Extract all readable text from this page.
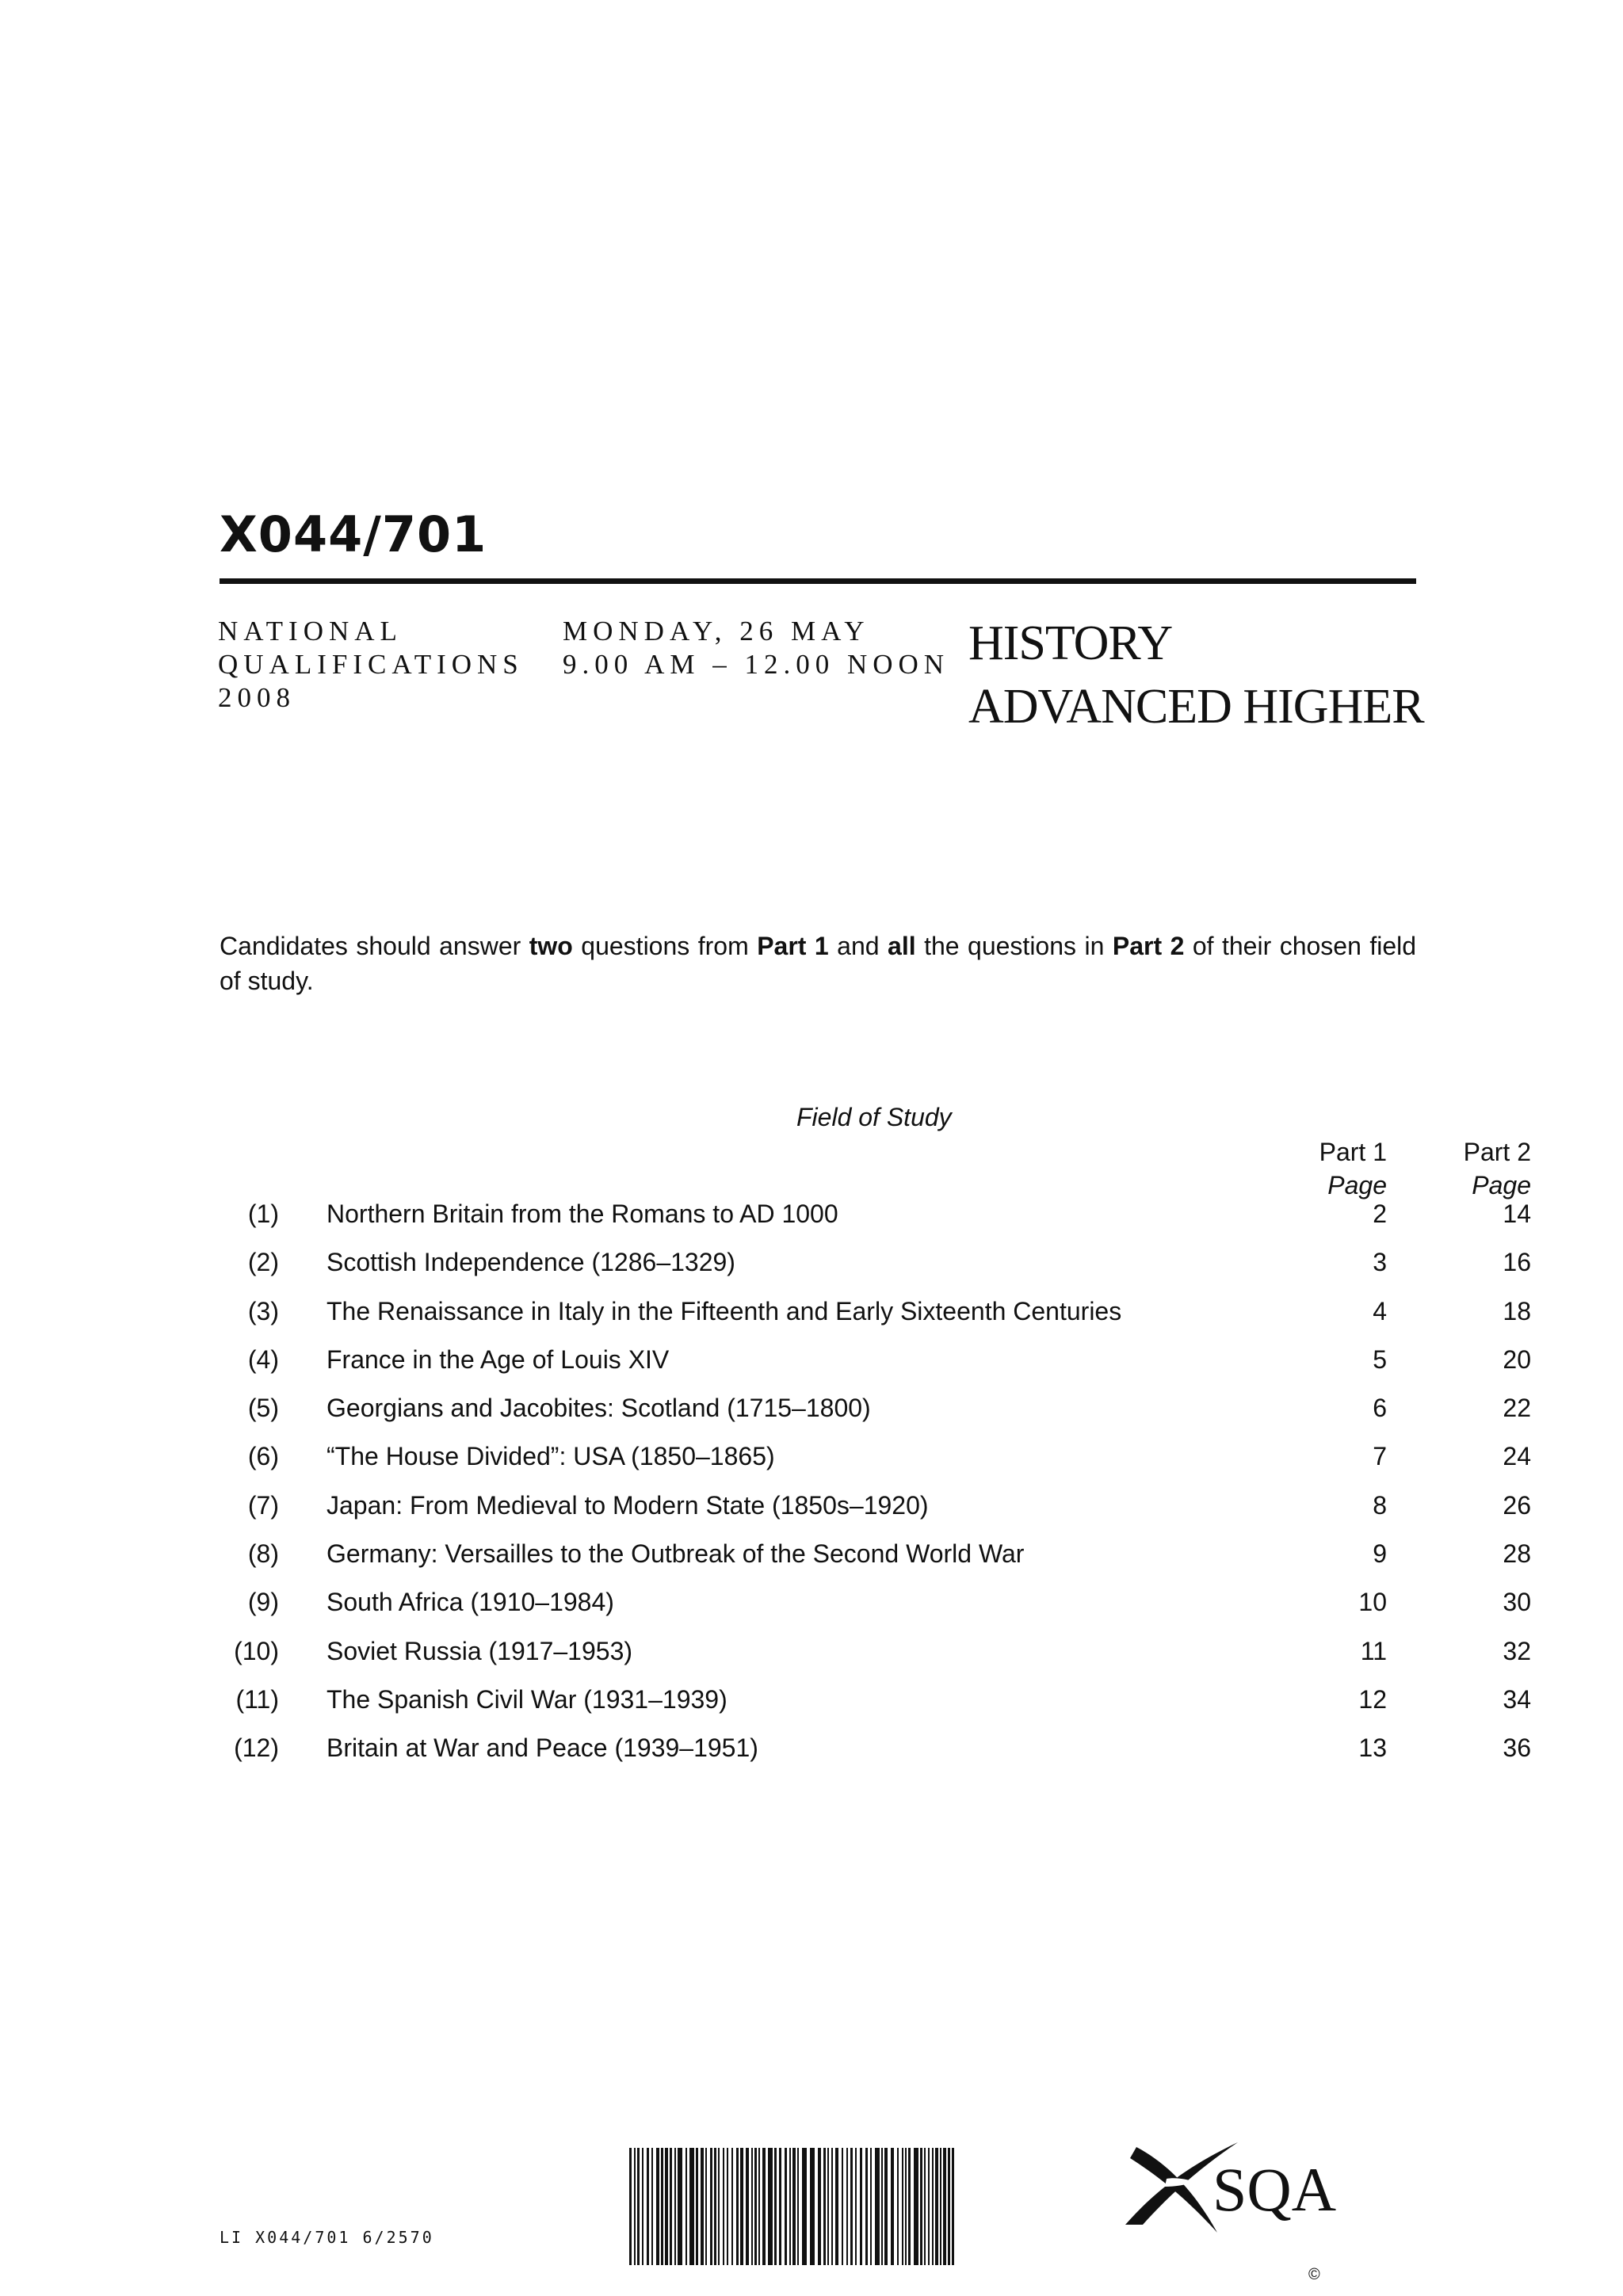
X044/701
NATIONAL
QUALIFICATIONS
2008
MONDAY, 26 MAY
9.00 AM – 12.00 NOON HISTORY
ADVANCED HIGHER

Candidates should answer two questions from Part 1 and all the questions in Part 2 of their chosen field of study.

Field of Study
Part 1
Page
Part 2
Page
(1) Northern Britain from the Romans to AD 1000	2	14
(2) Scottish Independence (1286–1329)	3	16
(3) The Renaissance in Italy in the Fifteenth and Early Sixteenth Centuries	4	18
(4) France in the Age of Louis XIV	5	20
(5) Georgians and Jacobites: Scotland (1715–1800)	6	22
(6) “The House Divided”: USA (1850–1865)	7	24
(7) Japan: From Medieval to Modern State (1850s–1920)	8	26
(8) Germany: Versailles to the Outbreak of the Second World War	9	28
(9) South Africa (1910–1984)	10	30
(10) Soviet Russia (1917–1953)	11	32
(11) The Spanish Civil War (1931–1939)	12	34
(12) Britain at War and Peace (1939–1951)	13	36
LI X044/701 6/2570
SQA
©
